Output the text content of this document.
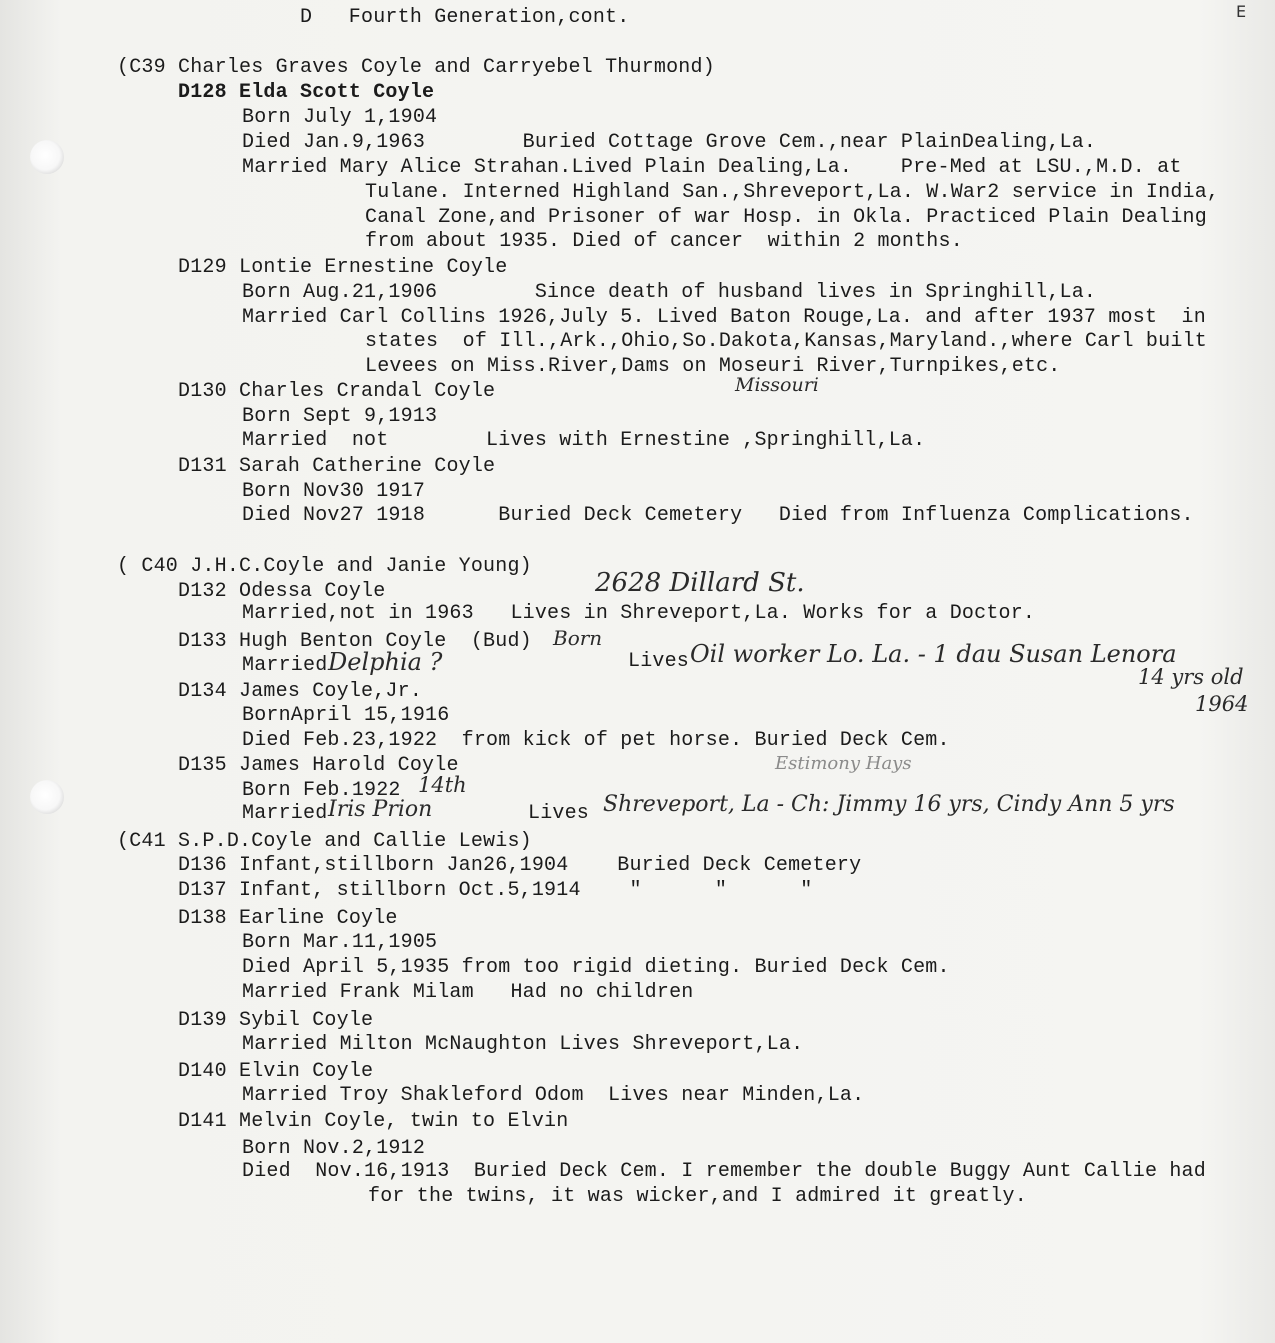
E
D   Fourth Generation,cont.
(C39 Charles Graves Coyle and Carryebel Thurmond)
D128 Elda Scott Coyle
Born July 1,1904
Died Jan.9,1963        Buried Cottage Grove Cem.,near PlainDealing,La.
Married Mary Alice Strahan.Lived Plain Dealing,La.    Pre-Med at LSU.,M.D. at
Tulane. Interned Highland San.,Shreveport,La. W.War2 service in India,
Canal Zone,and Prisoner of war Hosp. in Okla. Practiced Plain Dealing
from about 1935. Died of cancer  within 2 months.
D129 Lontie Ernestine Coyle
Born Aug.21,1906        Since death of husband lives in Springhill,La.
Married Carl Collins 1926,July 5. Lived Baton Rouge,La. and after 1937 most  in
states  of Ill.,Ark.,Ohio,So.Dakota,Kansas,Maryland.,where Carl built
Levees on Miss.River,Dams on Moseuri River,Turnpikes,etc.
Missouri
D130 Charles Crandal Coyle
Born Sept 9,1913
Married  not        Lives with Ernestine ,Springhill,La.
D131 Sarah Catherine Coyle
Born Nov30 1917
Died Nov27 1918      Buried Deck Cemetery   Died from Influenza Complications.
( C40 J.H.C.Coyle and Janie Young)
2628 Dillard St.
D132 Odessa Coyle
Married,not in 1963   Lives in Shreveport,La. Works for a Doctor.
D133 Hugh Benton Coyle  (Bud) Born
Married Delphia ?	Lives Oil worker Lo. La. - 1 dau Susan Lenora
14 yrs old
1964
D134 James Coyle,Jr.
BornApril 15,1916
Died Feb.23,1922  from kick of pet horse. Buried Deck Cem.
D135 James Harold Coyle	Estimony Hays
Born Feb.1922 14th
Married Iris Prion	Lives Shreveport, La - Ch: Jimmy 16 yrs, Cindy Ann 5 yrs
(C41 S.P.D.Coyle and Callie Lewis)
D136 Infant,stillborn Jan26,1904    Buried Deck Cemetery
D137 Infant, stillborn Oct.5,1914    "      "      "
D138 Earline Coyle
Born Mar.11,1905
Died April 5,1935 from too rigid dieting. Buried Deck Cem.
Married Frank Milam   Had no children
D139 Sybil Coyle
Married Milton McNaughton Lives Shreveport,La.
D140 Elvin Coyle
Married Troy Shakleford Odom  Lives near Minden,La.
D141 Melvin Coyle, twin to Elvin
Born Nov.2,1912
Died  Nov.16,1913  Buried Deck Cem. I remember the double Buggy Aunt Callie had
for the twins, it was wicker,and I admired it greatly.
